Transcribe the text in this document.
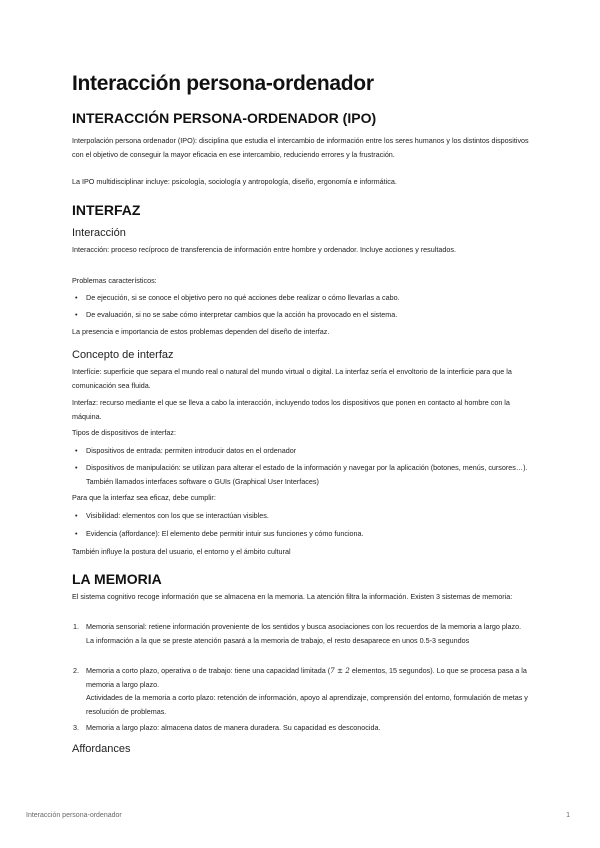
Interacción persona-ordenador
INTERACCIÓN PERSONA-ORDENADOR (IPO)

Interpolación persona ordenador (IPO): disciplina que estudia el intercambio de información entre los seres humanos y los distintos dispositivos con el objetivo de conseguir la mayor eficacia en ese intercambio, reduciendo errores y la frustración.

La IPO multidisciplinar incluye: psicología, sociología y antropología, diseño, ergonomía e informática.

INTERFAZ
Interacción

Interacción: proceso recíproco de transferencia de información entre hombre y ordenador. Incluye acciones y resultados.

Problemas característicos:

• De ejecución, si se conoce el objetivo pero no qué acciones debe realizar o cómo llevarlas a cabo.
• De evaluación, si no se sabe cómo interpretar cambios que la acción ha provocado en el sistema.

La presencia e importancia de estos problemas dependen del diseño de interfaz.

Concepto de interfaz

Interfície: superficie que separa el mundo real o natural del mundo virtual o digital. La interfaz sería el envoltorio de la interficie para que la comunicación sea fluida.

Interfaz: recurso mediante el que se lleva a cabo la interacción, incluyendo todos los dispositivos que ponen en contacto al hombre con la máquina.

Tipos de dispositivos de interfaz:

• Dispositivos de entrada: permiten introducir datos en el ordenador
• Dispositivos de manipulación: se utilizan para alterar el estado de la información y navegar por la aplicación (botones, menús, cursores…). También llamados interfaces software o GUIs (Graphical User Interfaces)

Para que la interfaz sea eficaz, debe cumplir:

• Visibilidad: elementos con los que se interactúan visibles.
• Evidencia (affordance): El elemento debe permitir intuir sus funciones y cómo funciona.

También influye la postura del usuario, el entorno y el ámbito cultural

LA MEMORIA

El sistema cognitivo recoge información que se almacena en la memoria. La atención filtra la información. Existen 3 sistemas de memoria:

1. Memoria sensorial: retiene información proveniente de los sentidos y busca asociaciones con los recuerdos de la memoria a largo plazo. La información a la que se preste atención pasará a la memoria de trabajo, el resto desaparece en unos 0.5-3 segundos
2. Memoria a corto plazo, operativa o de trabajo: tiene una capacidad limitada (7 ± 2 elementos, 15 segundos). Lo que se procesa pasa a la memoria a largo plazo.
Actividades de la memoria a corto plazo: retención de información, apoyo al aprendizaje, comprensión del entorno, formulación de metas y resolución de problemas.
3. Memoria a largo plazo: almacena datos de manera duradera. Su capacidad es desconocida.
Affordances
Interacción persona-ordenador	1
